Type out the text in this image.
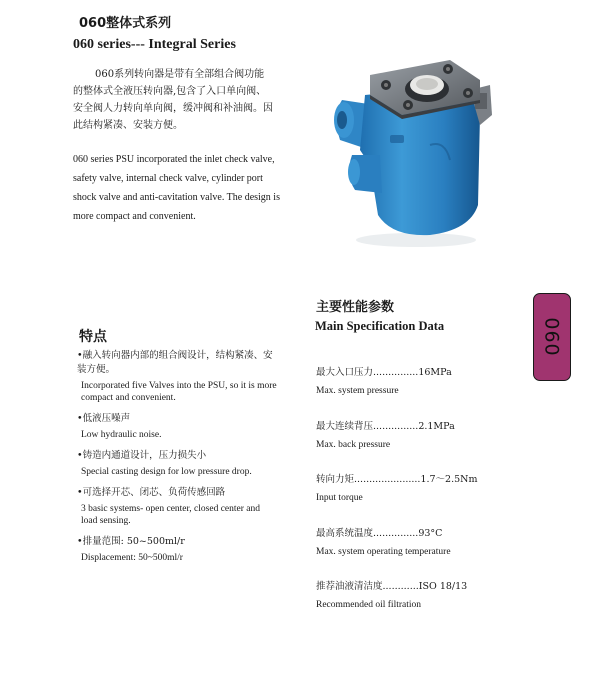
060整体式系列
060 series--- Integral Series
060系列转向器是带有全部组合阀功能的整体式全液压转向器,包含了入口单向阀、安全阀人力转向单向阀，缓冲阀和补油阀。因此结构紧凑、安装方便。
060 series PSU incorporated the inlet check valve, safety valve, internal check valve, cylinder port shock valve and anti-cavitation valve. The design is more compact and convenient.
特点
•融入转向器内部的组合阀设计，结构紧凑、安装方便。
Incorporated five Valves into the PSU, so it is more compact and convenient.
•低液压噪声
Low hydraulic noise.
•铸造内通道设计，压力损失小
Special casting design for low pressure drop.
•可选择开芯、闭芯、负荷传感回路
3 basic systems- open center, closed center and load sensing.
•排量范围: 50~500ml/r
Displacement: 50~500ml/r
主要性能参数
Main Specification Data
最大入口压力...............16MPa
Max. system pressure
最大连续背压...............2.1MPa
Max. back pressure
转向力矩......................1.7～2.5Nm
Input torque
最高系统温度...............93°C
Max. system operating temperature
推荐油液清洁度............ISO 18/13
Recommended oil filtration
060
